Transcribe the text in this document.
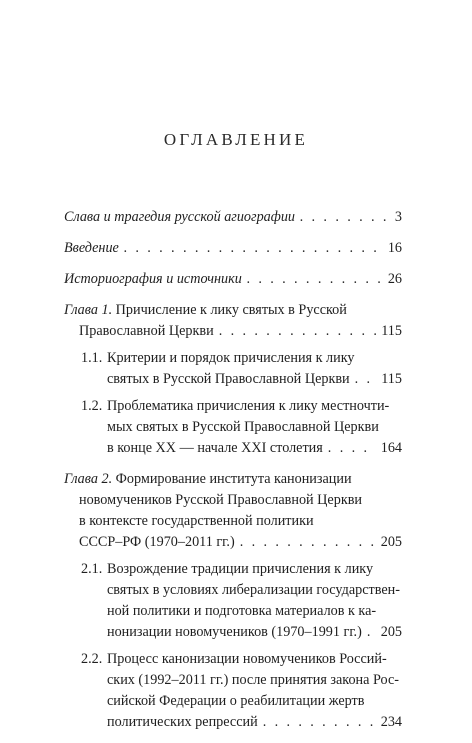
ОГЛАВЛЕНИЕ
Слава и трагедия русской агиографии . . .	3
Введение . . .	16
Историография и источники . . .	26
Глава 1. Причисление к лику святых в Русской
Православной Церкви . . .	115
1.1. Критерии и порядок причисления к лику
святых в Русской Православной Церкви . . . 115
1.2. Проблематика причисления к лику местночти-
мых святых в Русской Православной Церкви
в конце XX — начале XXI столетия . . .	164
Глава 2. Формирование института канонизации
новомучеников Русской Православной Церкви
в контексте государственной политики
СССР–РФ (1970–2011 гг.) . . .	205
2.1. Возрождение традиции причисления к лику
святых в условиях либерализации государствен-
ной политики и подготовка материалов к ка-
нонизации новомучеников (1970–1991 гг.) . . . 205
2.2. Процесс канонизации новомучеников Россий-
ских (1992–2011 гг.) после принятия закона Рос-
сийской Федерации о реабилитации жертв
политических репрессий . . .	234
